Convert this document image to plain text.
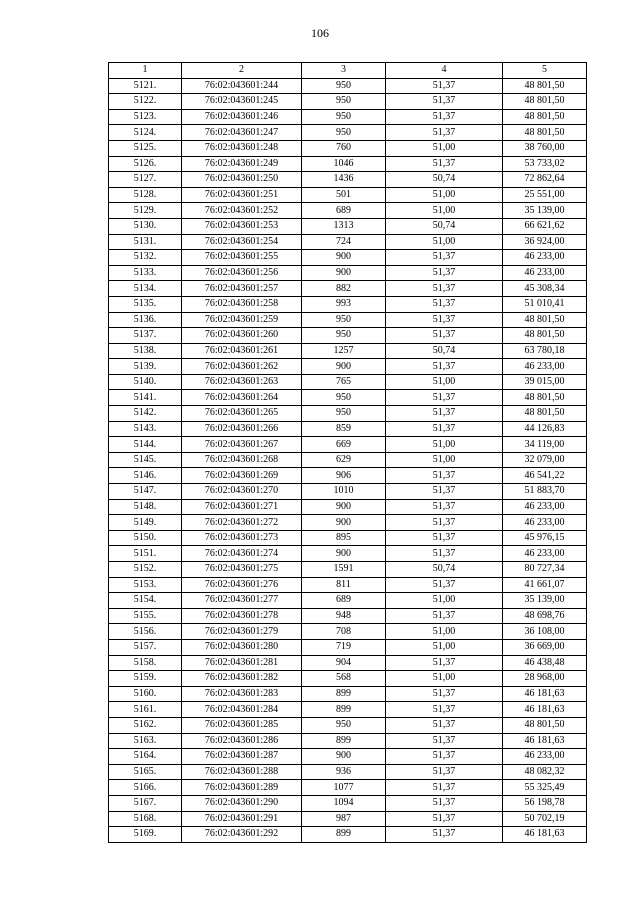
106
1	2	3	4	5
5121.	76:02:043601:244	950	51,37	48 801,50
5122.	76:02:043601:245	950	51,37	48 801,50
5123.	76:02:043601:246	950	51,37	48 801,50
5124.	76:02:043601:247	950	51,37	48 801,50
5125.	76:02:043601:248	760	51,00	38 760,00
5126.	76:02:043601:249	1046	51,37	53 733,02
5127.	76:02:043601:250	1436	50,74	72 862,64
5128.	76:02:043601:251	501	51,00	25 551,00
5129.	76:02:043601:252	689	51,00	35 139,00
5130.	76:02:043601:253	1313	50,74	66 621,62
5131.	76:02:043601:254	724	51,00	36 924,00
5132.	76:02:043601:255	900	51,37	46 233,00
5133.	76:02:043601:256	900	51,37	46 233,00
5134.	76:02:043601:257	882	51,37	45 308,34
5135.	76:02:043601:258	993	51,37	51 010,41
5136.	76:02:043601:259	950	51,37	48 801,50
5137.	76:02:043601:260	950	51,37	48 801,50
5138.	76:02:043601:261	1257	50,74	63 780,18
5139.	76:02:043601:262	900	51,37	46 233,00
5140.	76:02:043601:263	765	51,00	39 015,00
5141.	76:02:043601:264	950	51,37	48 801,50
5142.	76:02:043601:265	950	51,37	48 801,50
5143.	76:02:043601:266	859	51,37	44 126,83
5144.	76:02:043601:267	669	51,00	34 119,00
5145.	76:02:043601:268	629	51,00	32 079,00
5146.	76:02:043601:269	906	51,37	46 541,22
5147.	76:02:043601:270	1010	51,37	51 883,70
5148.	76:02:043601:271	900	51,37	46 233,00
5149.	76:02:043601:272	900	51,37	46 233,00
5150.	76:02:043601:273	895	51,37	45 976,15
5151.	76:02:043601:274	900	51,37	46 233,00
5152.	76:02:043601:275	1591	50,74	80 727,34
5153.	76:02:043601:276	811	51,37	41 661,07
5154.	76:02:043601:277	689	51,00	35 139,00
5155.	76:02:043601:278	948	51,37	48 698,76
5156.	76:02:043601:279	708	51,00	36 108,00
5157.	76:02:043601:280	719	51,00	36 669,00
5158.	76:02:043601:281	904	51,37	46 438,48
5159.	76:02:043601:282	568	51,00	28 968,00
5160.	76:02:043601:283	899	51,37	46 181,63
5161.	76:02:043601:284	899	51,37	46 181,63
5162.	76:02:043601:285	950	51,37	48 801,50
5163.	76:02:043601:286	899	51,37	46 181,63
5164.	76:02:043601:287	900	51,37	46 233,00
5165.	76:02:043601:288	936	51,37	48 082,32
5166.	76:02:043601:289	1077	51,37	55 325,49
5167.	76:02:043601:290	1094	51,37	56 198,78
5168.	76:02:043601:291	987	51,37	50 702,19
5169.	76:02:043601:292	899	51,37	46 181,63
